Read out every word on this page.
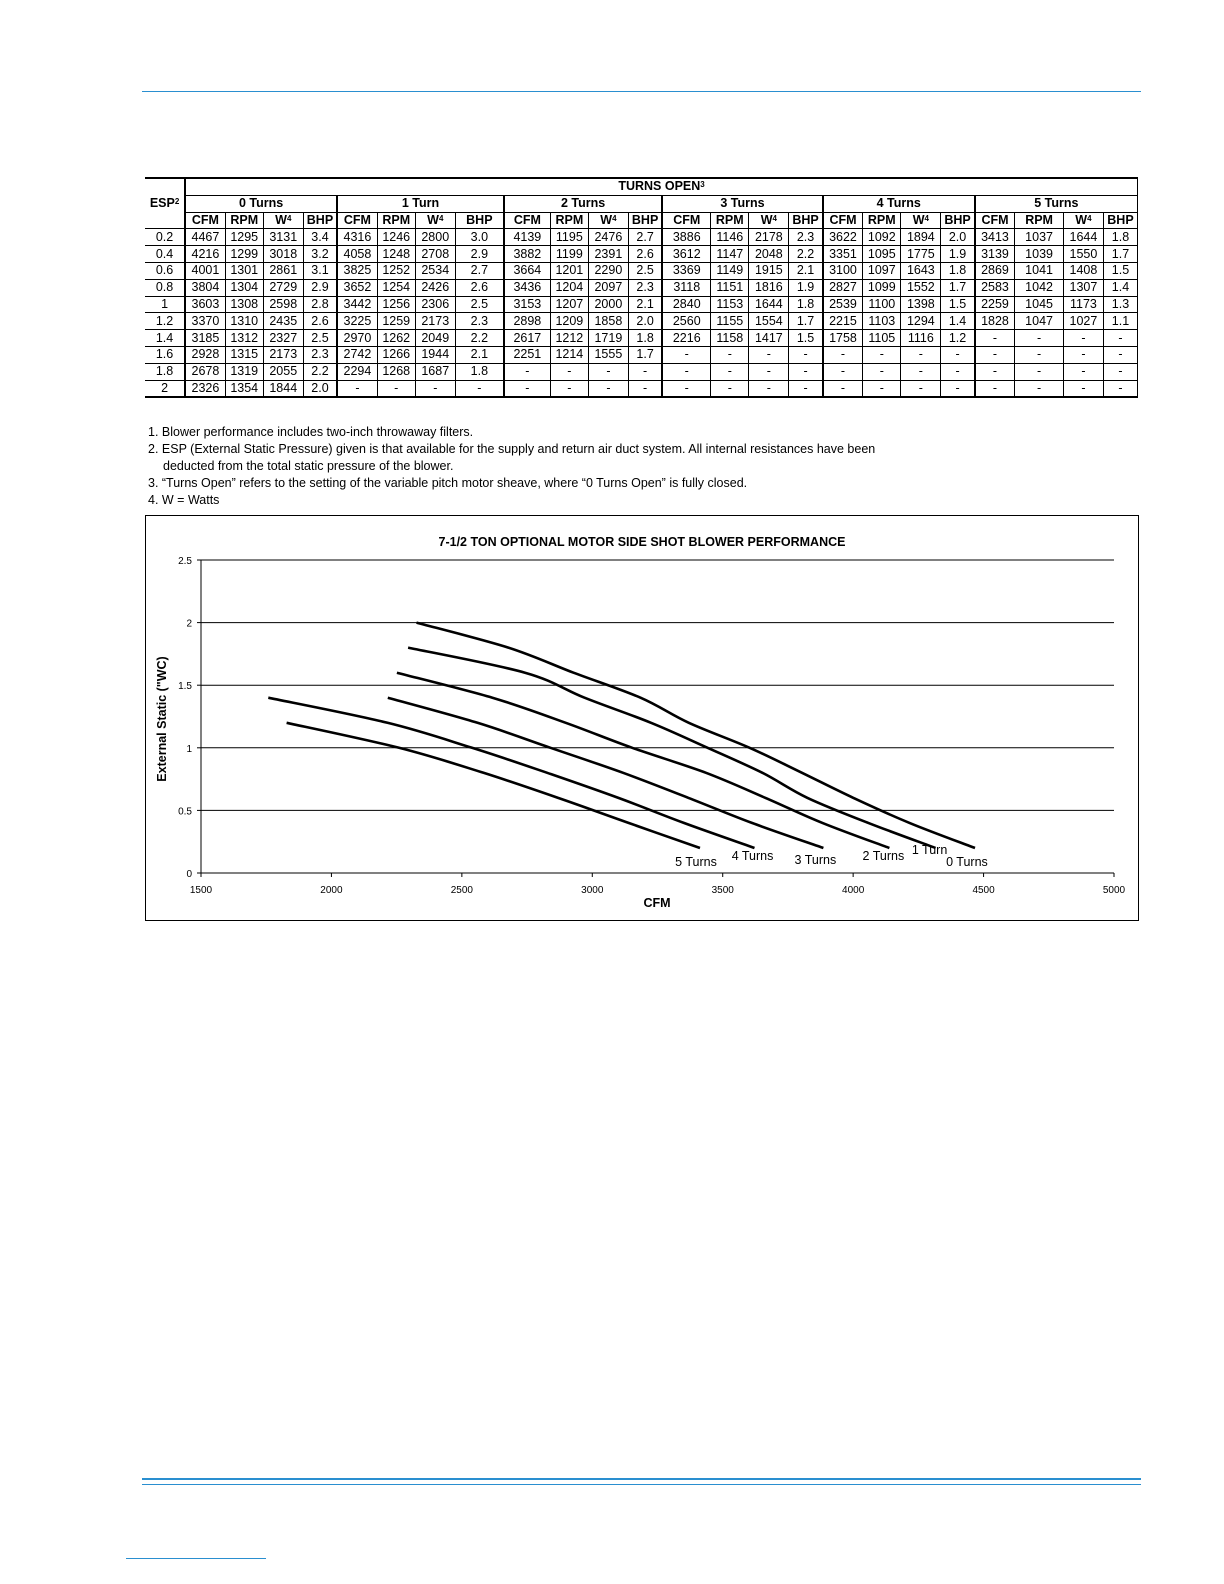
ESP$^2$	TURNS OPEN$^3$
	0 Turns				1 Turn				2 Turns				3 Turns				4 Turns				5 Turns			
	CFM	RPM	$W^4$	BHP	CFM	RPM	$W^4$	BHP	CFM	RPM	$W^4$	BHP	CFM	RPM	$W^4$	BHP	CFM	RPM	$W^4$	BHP	CFM	RPM	$W^4$	BHP
0.2	4467	1295	3131	3.4	4316	1246	2800	3.0	4139	1195	2476	2.7	3886	1146	2178	2.3	3622	1092	1894	2.0	3413	1037	1644	1.8
0.4	4216	1299	3018	3.2	4058	1248	2708	2.9	3882	1199	2391	2.6	3612	1147	2048	2.2	3351	1095	1775	1.9	3139	1039	1550	1.7
0.6	4001	1301	2861	3.1	3825	1252	2534	2.7	3664	1201	2290	2.5	3369	1149	1915	2.1	3100	1097	1643	1.8	2869	1041	1408	1.5
0.8	3804	1304	2729	2.9	3652	1254	2426	2.6	3436	1204	2097	2.3	3118	1151	1816	1.9	2827	1099	1552	1.7	2583	1042	1307	1.4
1	3603	1308	2598	2.8	3442	1256	2306	2.5	3153	1207	2000	2.1	2840	1153	1644	1.8	2539	1100	1398	1.5	2259	1045	1173	1.3
1.2	3370	1310	2435	2.6	3225	1259	2173	2.3	2898	1209	1858	2.0	2560	1155	1554	1.7	2215	1103	1294	1.4	1828	1047	1027	1.1
1.4	3185	1312	2327	2.5	2970	1262	2049	2.2	2617	1212	1719	1.8	2216	1158	1417	1.5	1758	1105	1116	1.2	-	-	-	-
1.6	2928	1315	2173	2.3	2742	1266	1944	2.1	2251	1214	1555	1.7	-	-	-	-	-	-	-	-	-	-	-	-
1.8	2678	1319	2055	2.2	2294	1268	1687	1.8	-	-	-	-	-	-	-	-	-	-	-	-	-	-	-	-
2	2326	1354	1844	2.0	-	-	-	-	-	-	-	-	-	-	-	-	-	-	-	-	-	-	-	-
1. Blower performance includes two-inch throwaway filters.
2. ESP (External Static Pressure) given is that available for the supply and return air duct system. All internal resistances have been
deducted from the total static pressure of the blower.
3. “Turns Open” refers to the setting of the variable pitch motor sheave, where “0 Turns Open” is fully closed.
4. W = Watts
7-1/2 TON OPTIONAL MOTOR SIDE SHOT BLOWER PERFORMANCE
CFM
External Static ("WC)
0
0.5
1
1.5
2
2.5
1500	2000	2500	3000	3500	4000	4500	5000
0 Turns
1 Turn
2 Turns
3 Turns
4 Turns
5 Turns
